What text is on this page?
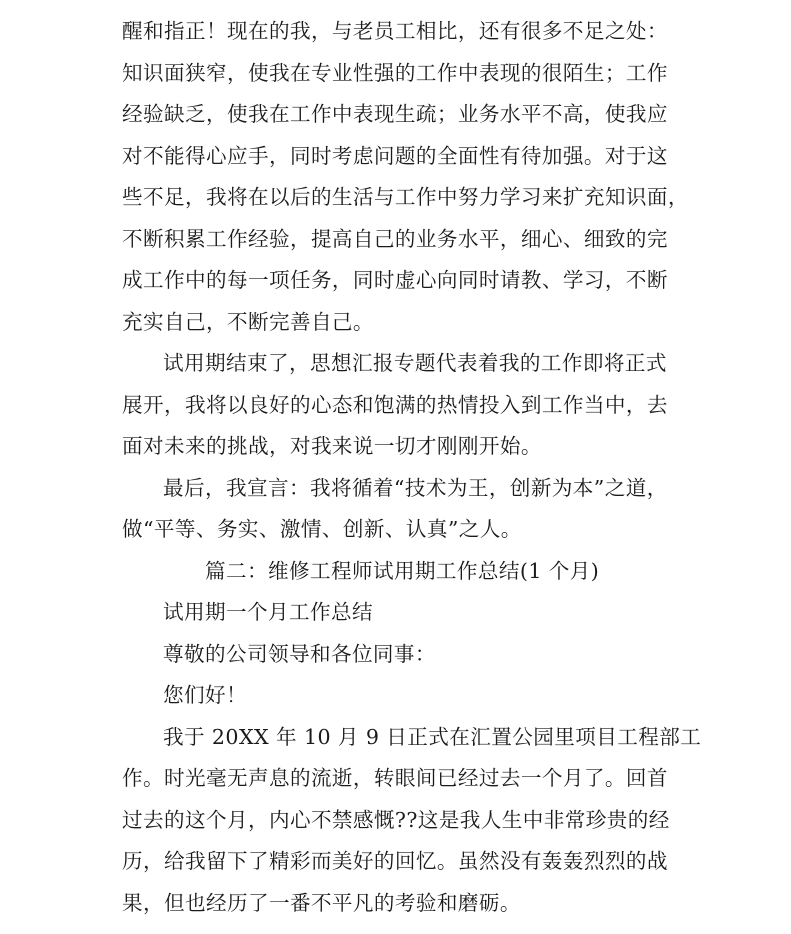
醒和指正！现在的我，与老员工相比，还有很多不足之处：
知识面狭窄，使我在专业性强的工作中表现的很陌生；工作
经验缺乏，使我在工作中表现生疏；业务水平不高，使我应
对不能得心应手，同时考虑问题的全面性有待加强。对于这
些不足，我将在以后的生活与工作中努力学习来扩充知识面，
不断积累工作经验，提高自己的业务水平，细心、细致的完
成工作中的每一项任务，同时虚心向同时请教、学习，不断
充实自己，不断完善自己。
试用期结束了，思想汇报专题代表着我的工作即将正式
展开，我将以良好的心态和饱满的热情投入到工作当中，去
面对未来的挑战，对我来说一切才刚刚开始。
最后，我宣言：我将循着“技术为王，创新为本”之道，
做“平等、务实、激情、创新、认真”之人。
篇二：维修工程师试用期工作总结(1 个月)
试用期一个月工作总结
尊敬的公司领导和各位同事：
您们好！
我于 20XX 年 10 月 9 日正式在汇置公园里项目工程部工
作。时光毫无声息的流逝，转眼间已经过去一个月了。回首
过去的这个月，内心不禁感慨??这是我人生中非常珍贵的经
历，给我留下了精彩而美好的回忆。虽然没有轰轰烈烈的战
果，但也经历了一番不平凡的考验和磨砺。
